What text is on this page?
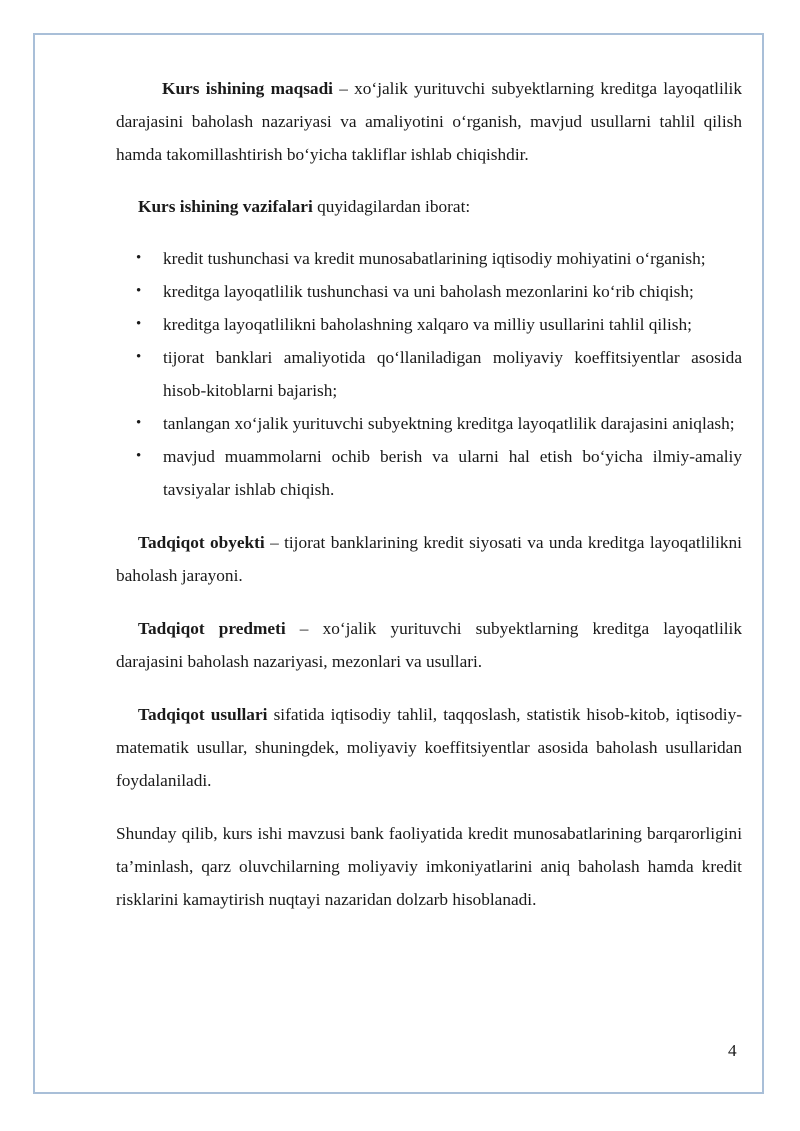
Kurs ishining maqsadi – xo‘jalik yurituvchi subyektlarning kreditga layoqatlilik darajasini baholash nazariyasi va amaliyotini o‘rganish, mavjud usullarni tahlil qilish hamda takomillashtirish bo‘yicha takliflar ishlab chiqishdir.

Kurs ishining vazifalari quyidagilardan iborat:

• kredit tushunchasi va kredit munosabatlarining iqtisodiy mohiyatini o‘rganish;
• kreditga layoqatlilik tushunchasi va uni baholash mezonlarini ko‘rib chiqish;
• kreditga layoqatlilikni baholashning xalqaro va milliy usullarini tahlil qilish;
• tijorat banklari amaliyotida qo‘llaniladigan moliyaviy koeffitsiyentlar asosida hisob-kitoblarni bajarish;
• tanlangan xo‘jalik yurituvchi subyektning kreditga layoqatlilik darajasini aniqlash;
• mavjud muammolarni ochib berish va ularni hal etish bo‘yicha ilmiy-amaliy tavsiyalar ishlab chiqish.

Tadqiqot obyekti – tijorat banklarining kredit siyosati va unda kreditga layoqatlilikni baholash jarayoni.

Tadqiqot predmeti – xo‘jalik yurituvchi subyektlarning kreditga layoqatlilik darajasini baholash nazariyasi, mezonlari va usullari.

Tadqiqot usullari sifatida iqtisodiy tahlil, taqqoslash, statistik hisob-kitob, iqtisodiy-matematik usullar, shuningdek, moliyaviy koeffitsiyentlar asosida baholash usullaridan foydalaniladi.

Shunday qilib, kurs ishi mavzusi bank faoliyatida kredit munosabatlarining barqarorligini ta’minlash, qarz oluvchilarning moliyaviy imkoniyatlarini aniq baholash hamda kredit risklarini kamaytirish nuqtayi nazaridan dolzarb hisoblanadi.

4
